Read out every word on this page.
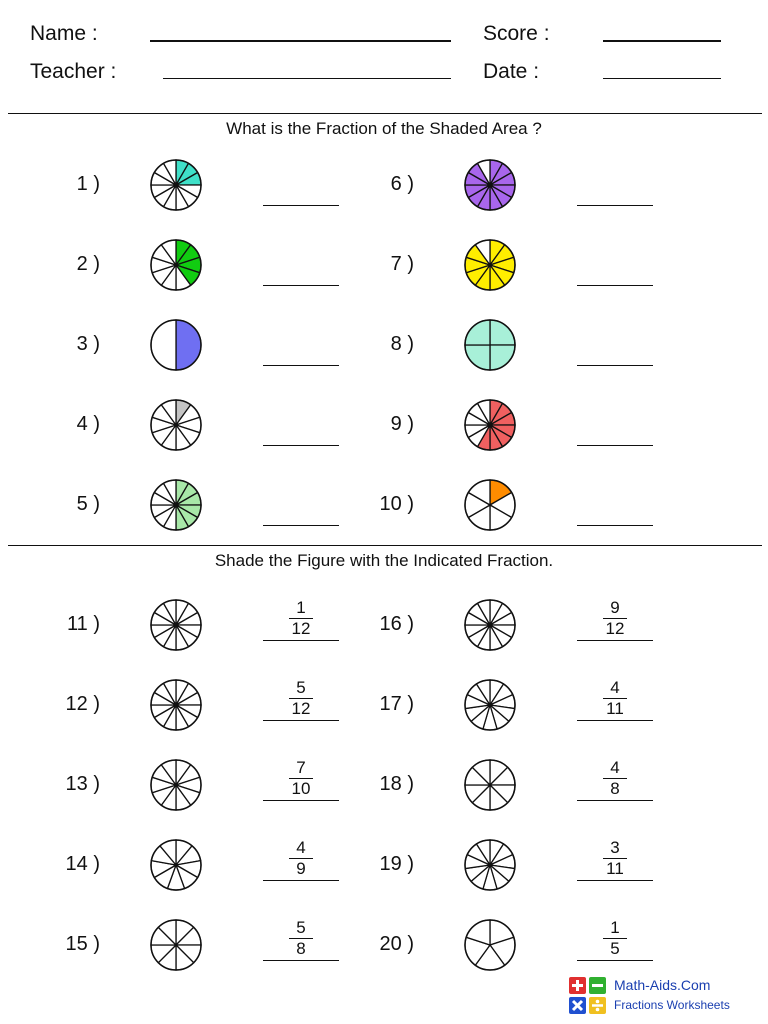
Name :
Teacher :
Score :
Date :
What is the Fraction of the Shaded Area ?
1 )
2 )
3 )
4 )
5 )
6 )
7 )
8 )
9 )
10 )
Shade the Figure with the Indicated Fraction.
11 )
1
12
12 )
5
12
13 )
7
10
14 )
4
9
15 )
5
8
16 )
9
12
17 )
4
11
18 )
4
8
19 )
3
11
20 )
1
5
Math-Aids.Com
Fractions Worksheets
